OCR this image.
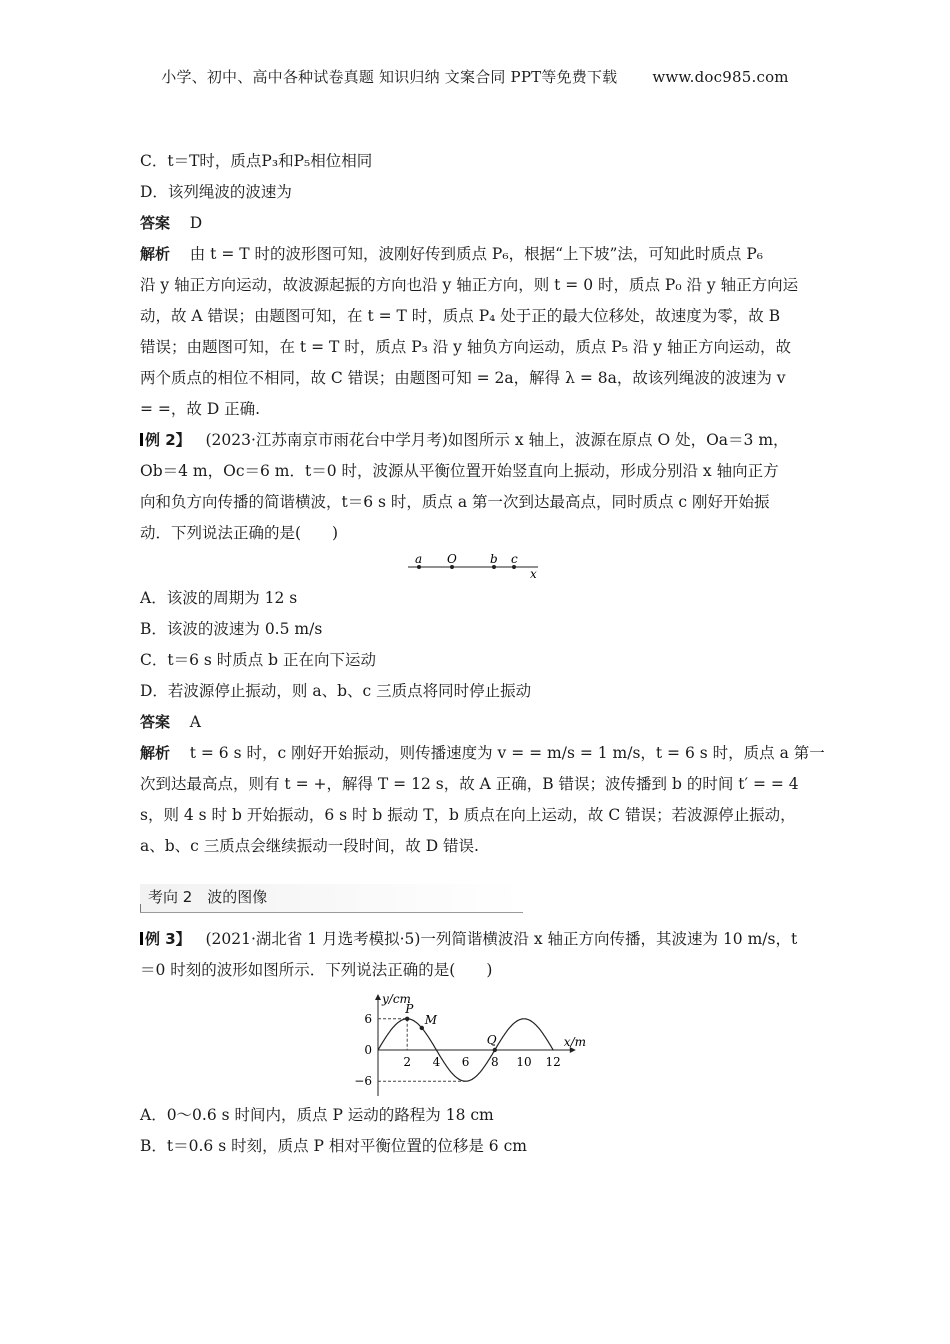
小学、初中、高中各种试卷真题 知识归纳 文案合同 PPT等免费下载 www.doc985.com
C．t＝T时，质点P₃和P₅相位相同
D．该列绳波的波速为
答案 D
解析 由 t = T 时的波形图可知，波刚好传到质点 P₆，根据“上下坡”法，可知此时质点 P₆
沿 y 轴正方向运动，故波源起振的方向也沿 y 轴正方向，则 t = 0 时，质点 P₀ 沿 y 轴正方向运
动，故 A 错误；由题图可知，在 t = T 时，质点 P₄ 处于正的最大位移处，故速度为零，故 B
错误；由题图可知，在 t = T 时，质点 P₃ 沿 y 轴负方向运动，质点 P₅ 沿 y 轴正方向运动，故
两个质点的相位不相同，故 C 错误；由题图可知 = 2a，解得 λ = 8a，故该列绳波的波速为 v
= =，故 D 正确.
例 2】 (2023·江苏南京市雨花台中学月考)如图所示 x 轴上，波源在原点 O 处，Oa＝3 m，
Ob＝4 m，Oc＝6 m．t＝0 时，波源从平衡位置开始竖直向上振动，形成分别沿 x 轴向正方
向和负方向传播的简谐横波，t＝6 s 时，质点 a 第一次到达最高点，同时质点 c 刚好开始振
动．下列说法正确的是(　　)
a O	b c
x
A．该波的周期为 12 s
B．该波的波速为 0.5 m/s
C．t＝6 s 时质点 b 正在向下运动
D．若波源停止振动，则 a、b、c 三质点将同时停止振动
答案 A
解析 t = 6 s 时，c 刚好开始振动，则传播速度为 v = = m/s = 1 m/s，t = 6 s 时，质点 a 第一
次到达最高点，则有 t = +，解得 T = 12 s，故 A 正确，B 错误；波传播到 b 的时间 t′ = = 4
s，则 4 s 时 b 开始振动，6 s 时 b 振动 T，b 质点在向上运动，故 C 错误；若波源停止振动，
a、b、c 三质点会继续振动一段时间，故 D 错误.
考向 2　波的图像
例 3】 (2021·湖北省 1 月选考模拟·5)一列简谐横波沿 x 轴正方向传播，其波速为 10 m/s，t
＝0 时刻的波形如图所示．下列说法正确的是(　　)
y/cm
x/m
6
0
−6
2 4 6 8 10 12
P
M
Q
A．0～0.6 s 时间内，质点 P 运动的路程为 18 cm
B．t＝0.6 s 时刻，质点 P 相对平衡位置的位移是 6 cm
